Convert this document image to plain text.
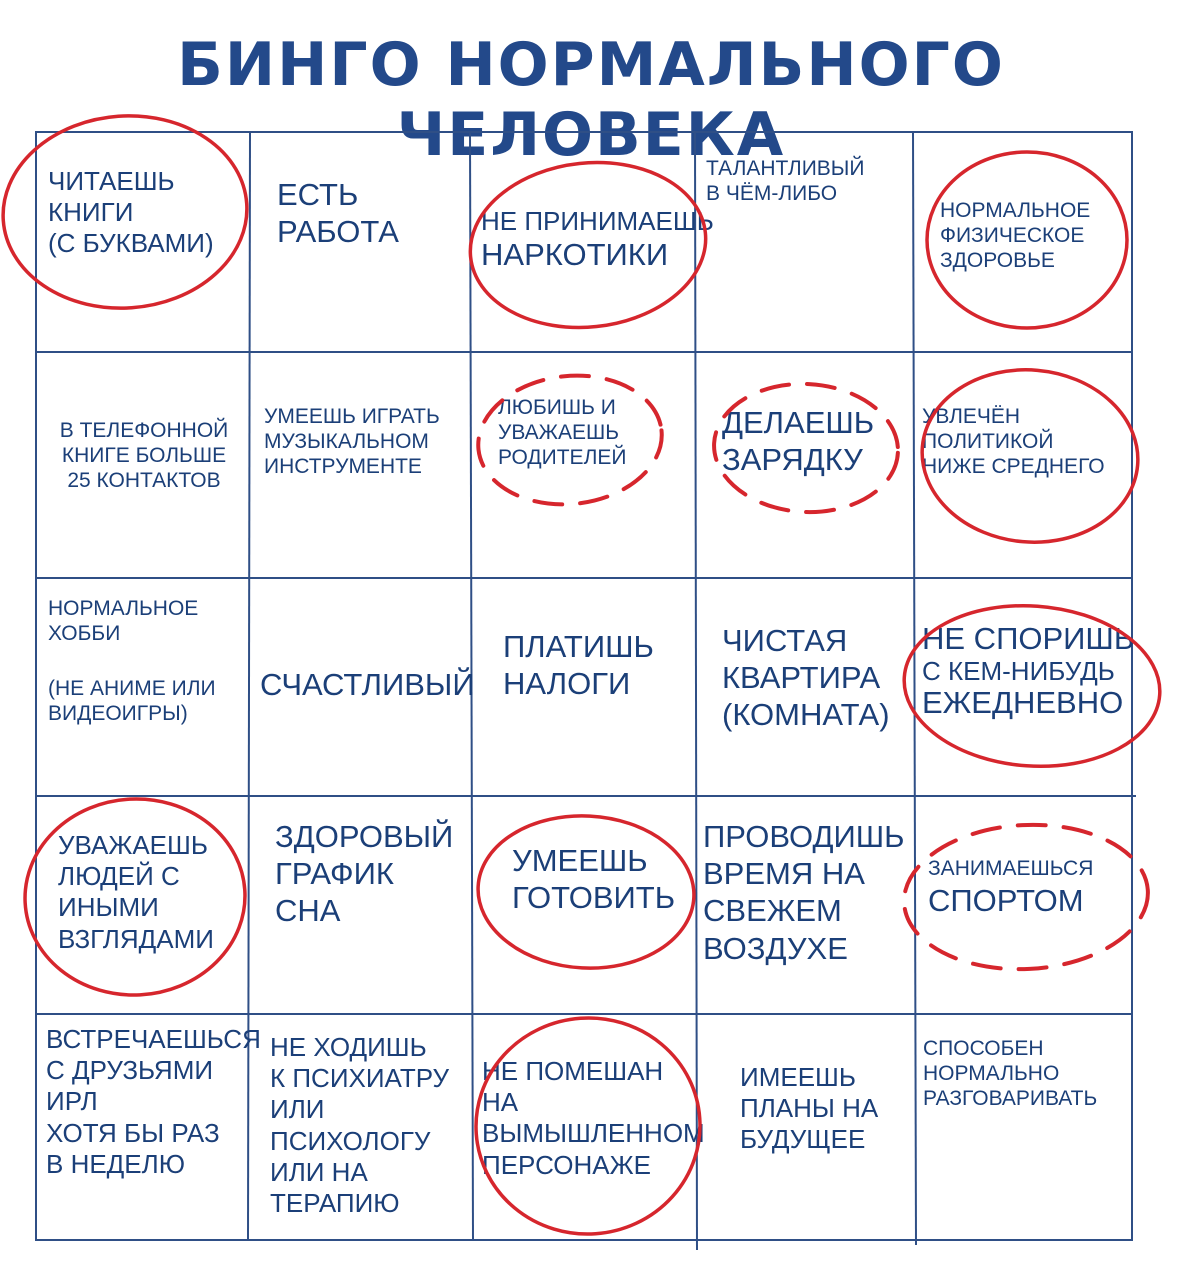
БИНГО НОРМАЛЬНОГО ЧЕЛОВЕКА
ЧИТАЕШЬ
КНИГИ
(С БУКВАМИ)
ЕСТЬ
РАБОТА	НЕ ПРИНИМАЕШЬ
НАРКОТИКИ
ТАЛАНТЛИВЫЙ
В ЧЁМ-ЛИБО
НОРМАЛЬНОЕ
ФИЗИЧЕСКОЕ
ЗДОРОВЬЕ
В ТЕЛЕФОННОЙ
КНИГЕ БОЛЬШЕ
25 КОНТАКТОВ
УМЕЕШЬ ИГРАТЬ
МУЗЫКАЛЬНОМ
ИНСТРУМЕНТЕ
ЛЮБИШЬ И
УВАЖАЕШЬ
РОДИТЕЛЕЙ
ДЕЛАЕШЬ
ЗАРЯДКУ
УВЛЕЧЁН
ПОЛИТИКОЙ
НИЖЕ СРЕДНЕГО
НОРМАЛЬНОЕ
ХОББИ
(НЕ АНИМЕ ИЛИ
ВИДЕОИГРЫ)
СЧАСТЛИВЫЙ
ПЛАТИШЬ
НАЛОГИ
ЧИСТАЯ
КВАРТИРА
(КОМНАТА)
НЕ СПОРИШЬ
С КЕМ-НИБУДЬ
ЕЖЕДНЕВНО
УВАЖАЕШЬ
ЛЮДЕЙ С
ИНЫМИ
ВЗГЛЯДАМИ
ЗДОРОВЫЙ
ГРАФИК
СНА
УМЕЕШЬ
ГОТОВИТЬ
ПРОВОДИШЬ
ВРЕМЯ НА
СВЕЖЕМ
ВОЗДУХЕ
ЗАНИМАЕШЬСЯ
СПОРТОМ
ВСТРЕЧАЕШЬСЯ
С ДРУЗЬЯМИ
ИРЛ
ХОТЯ БЫ РАЗ
В НЕДЕЛЮ
НЕ ХОДИШЬ
К ПСИХИАТРУ
ИЛИ
ПСИХОЛОГУ
ИЛИ НА
ТЕРАПИЮ
НЕ ПОМЕШАН
НА
ВЫМЫШЛЕННОМ
ПЕРСОНАЖЕ
ИМЕЕШЬ
ПЛАНЫ НА
БУДУЩЕЕ
СПОСОБЕН
НОРМАЛЬНО
РАЗГОВАРИВАТЬ
